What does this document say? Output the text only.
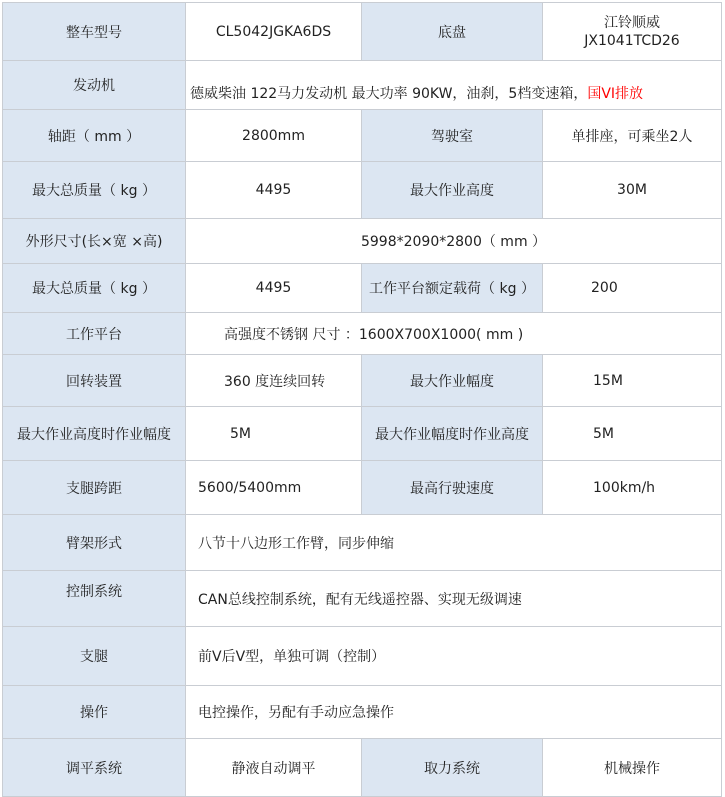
整车型号	CL5042JGKA6DS	底盘	江铃顺威
JX1041TCD26

发动机	德威柴油 122马力发动机 最大功率 90KW，油刹，5档变速箱，国VI排放		
轴距（ mm ）	2800mm	驾驶室	单排座，可乘坐2人
最大总质量（ kg ）	4495	最大作业高度	30M
外形尺寸(长×宽 ×高)	5998*2090*2800（ mm ）		
最大总质量（ kg ）	4495	工作平台额定载荷（ kg ）	200
工作平台	高强度不锈钢 尺寸 ：1600X700X1000( mm )		
回转装置	360 度连续回转	最大作业幅度	15M
最大作业高度时作业幅度	5M	最大作业幅度时作业高度	5M
支腿跨距	5600/5400mm	最高行驶速度	100km/h
臂架形式	八节十八边形工作臂，同步伸缩		
控制系统	CAN总线控制系统，配有无线遥控器、实现无级调速		
支腿	前V后V型，单独可调（控制）		
操作	电控操作，另配有手动应急操作		
调平系统	静液自动调平	取力系统	机械操作
